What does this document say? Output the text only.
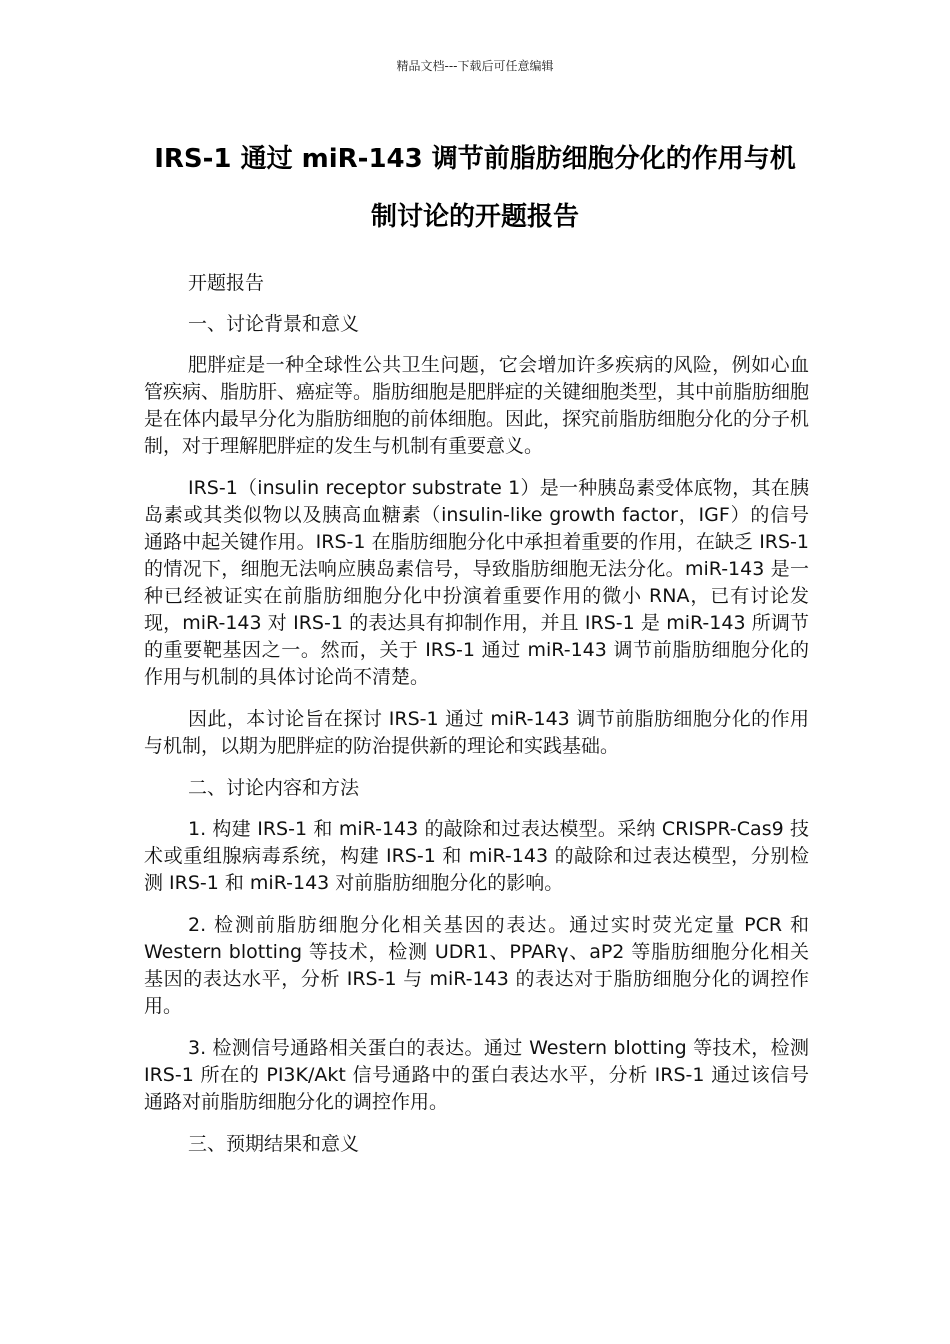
精品文档---下载后可任意编辑
IRS-1 通过 miR-143 调节前脂肪细胞分化的作用与机
制讨论的开题报告

开题报告

一、讨论背景和意义

肥胖症是一种全球性公共卫生问题，它会增加许多疾病的风险，例如心血管疾病、脂肪肝、癌症等。脂肪细胞是肥胖症的关键细胞类型，其中前脂肪细胞是在体内最早分化为脂肪细胞的前体细胞。因此，探究前脂肪细胞分化的分子机制，对于理解肥胖症的发生与机制有重要意义。

IRS-1（insulin receptor substrate 1）是一种胰岛素受体底物，其在胰岛素或其类似物以及胰高血糖素（insulin-like growth factor，IGF）的信号通路中起关键作用。IRS-1 在脂肪细胞分化中承担着重要的作用，在缺乏 IRS-1 的情况下，细胞无法响应胰岛素信号，导致脂肪细胞无法分化。miR-143 是一种已经被证实在前脂肪细胞分化中扮演着重要作用的微小 RNA，已有讨论发现，miR-143 对 IRS-1 的表达具有抑制作用，并且 IRS-1 是 miR-143 所调节的重要靶基因之一。然而，关于 IRS-1 通过 miR-143 调节前脂肪细胞分化的作用与机制的具体讨论尚不清楚。

因此，本讨论旨在探讨 IRS-1 通过 miR-143 调节前脂肪细胞分化的作用与机制，以期为肥胖症的防治提供新的理论和实践基础。

二、讨论内容和方法

1. 构建 IRS-1 和 miR-143 的敲除和过表达模型。采纳 CRISPR-Cas9 技术或重组腺病毒系统，构建 IRS-1 和 miR-143 的敲除和过表达模型，分别检测 IRS-1 和 miR-143 对前脂肪细胞分化的影响。

2. 检测前脂肪细胞分化相关基因的表达。通过实时荧光定量 PCR 和 Western blotting 等技术，检测 UDR1、PPARγ、aP2 等脂肪细胞分化相关基因的表达水平，分析 IRS-1 与 miR-143 的表达对于脂肪细胞分化的调控作用。

3. 检测信号通路相关蛋白的表达。通过 Western blotting 等技术，检测 IRS-1 所在的 PI3K/Akt 信号通路中的蛋白表达水平，分析 IRS-1 通过该信号通路对前脂肪细胞分化的调控作用。

三、预期结果和意义
